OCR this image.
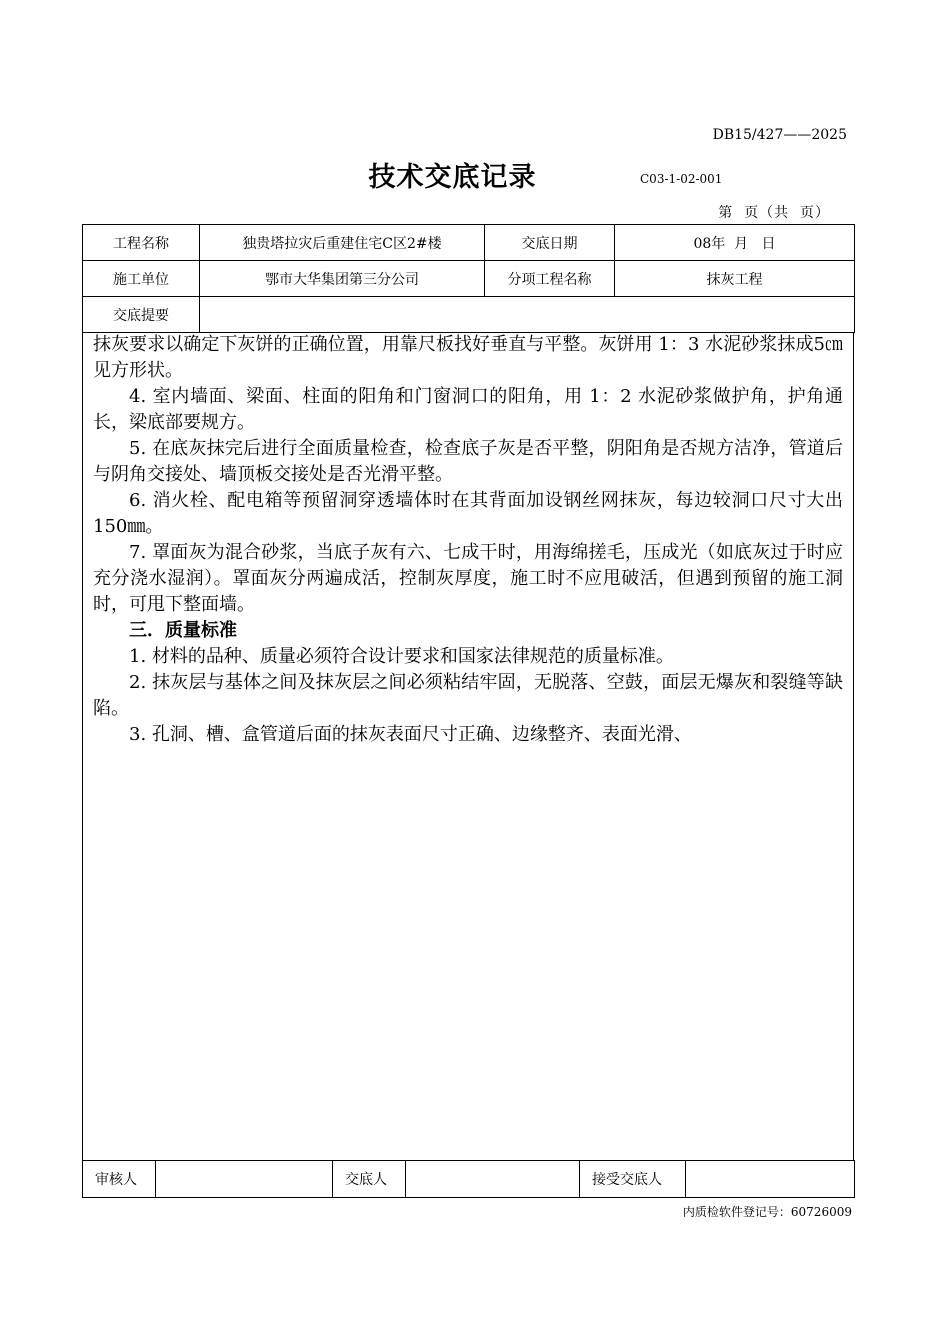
DB15/427——2025
技术交底记录	C03-1-02-001
第  页（共  页）
工程名称	独贵塔拉灾后重建住宅C区2#楼	交底日期	08年  月   日
施工单位	鄂市大华集团第三分公司	分项工程名称	抹灰工程
交底提要			

抹灰要求以确定下灰饼的正确位置，用靠尺板找好垂直与平整。灰饼用 1：3 水泥砂浆抹成5㎝见方形状。

4. 室内墙面、梁面、柱面的阳角和门窗洞口的阳角，用 1：2 水泥砂浆做护角，护角通长，梁底部要规方。

5. 在底灰抹完后进行全面质量检查，检查底子灰是否平整，阴阳角是否规方洁净，管道后与阴角交接处、墙顶板交接处是否光滑平整。

6. 消火栓、配电箱等预留洞穿透墙体时在其背面加设钢丝网抹灰，每边较洞口尺寸大出 150㎜。

7. 罩面灰为混合砂浆，当底子灰有六、七成干时，用海绵搓毛，压成光（如底灰过于时应充分浇水湿润）。罩面灰分两遍成活，控制灰厚度，施工时不应甩破活，但遇到预留的施工洞时，可甩下整面墙。

三．质量标准

1. 材料的品种、质量必须符合设计要求和国家法律规范的质量标准。

2. 抹灰层与基体之间及抹灰层之间必须粘结牢固，无脱落、空鼓，面层无爆灰和裂缝等缺陷。

3. 孔洞、槽、盒管道后面的抹灰表面尺寸正确、边缘整齐、表面光滑、

审核人		交底人		接受交底人	
内质检软件登记号：60726009
